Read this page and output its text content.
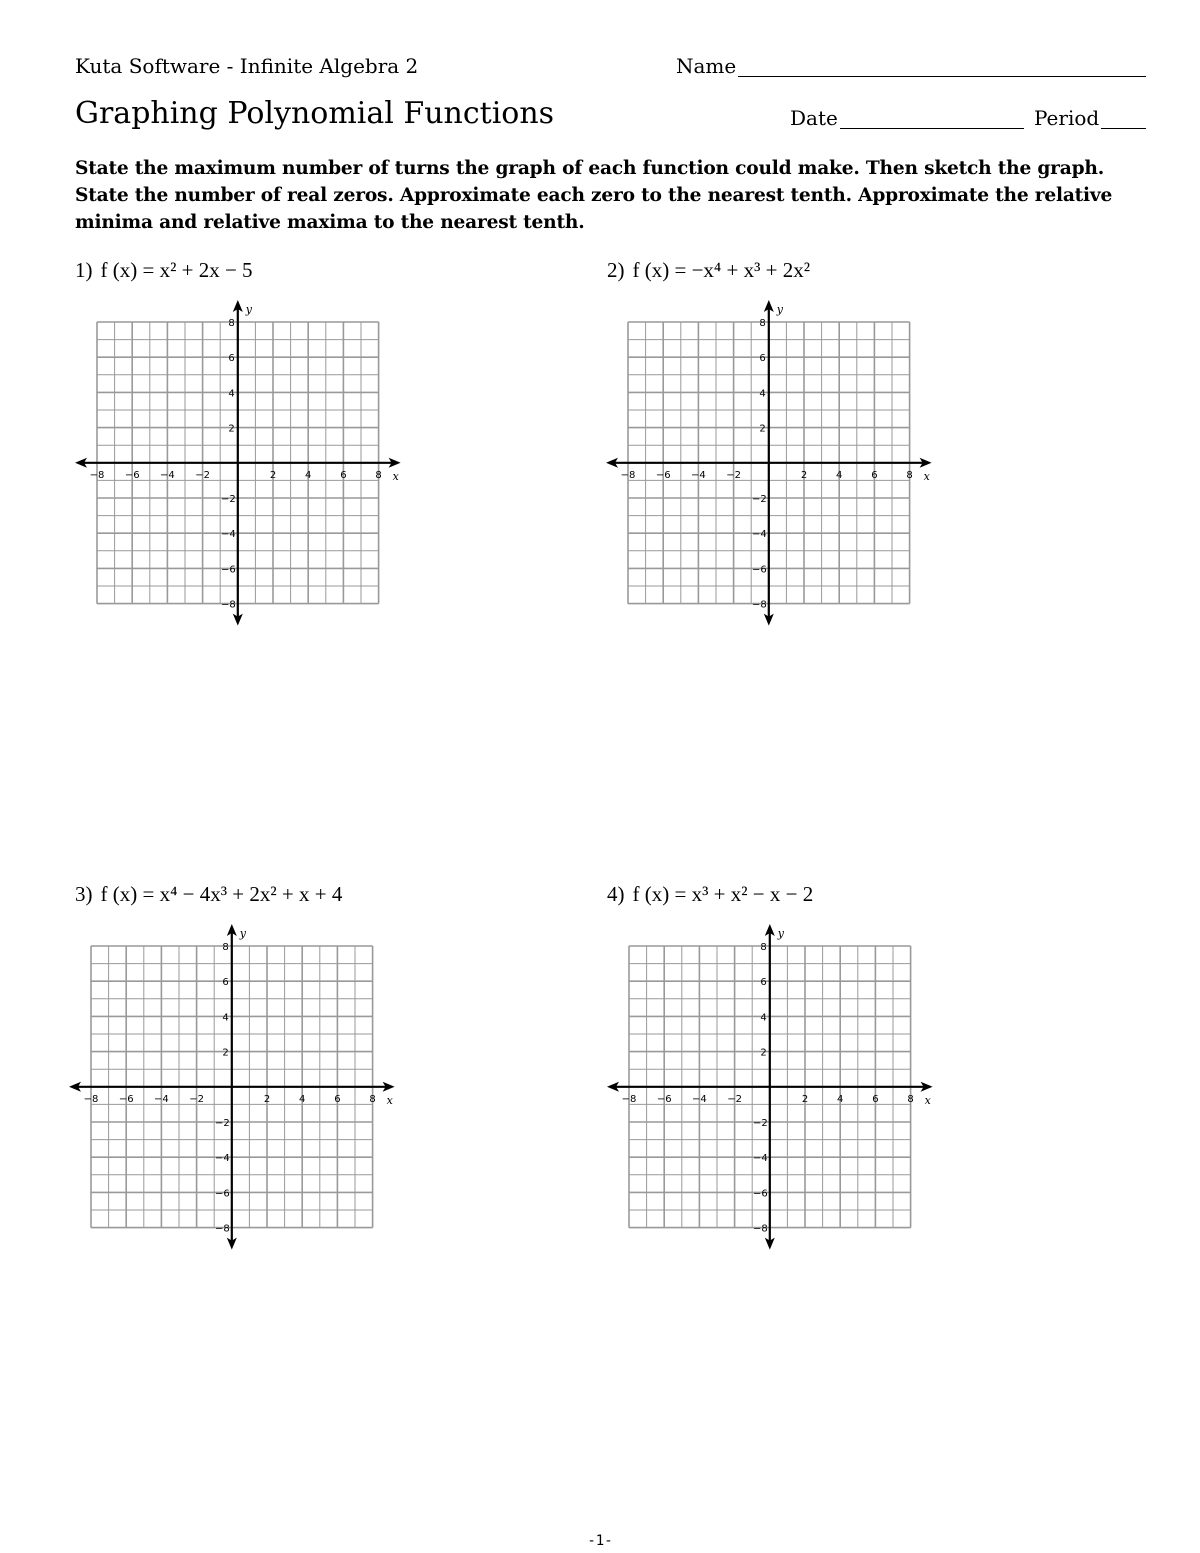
Kuta Software - Infinite Algebra 2	Name
Graphing Polynomial Functions	Date	Period
State the maximum number of turns the graph of each function could make. Then sketch the graph. State the number of real zeros. Approximate each zero to the nearest tenth. Approximate the relative minima and relative maxima to the nearest tenth.
1) f (x) = x² + 2x − 5	2) f (x) = −x⁴ + x³ + 2x²
3) f (x) = x⁴ − 4x³ + 2x² + x + 4	4) f (x) = x³ + x² − x − 2
−8 −6 −4 −2	2	4	6	8
8
6
4
2
−2
−4
−6
−8
x
y
−8 −6 −4 −2	2	4	6	8
8
6
4
2
−2
−4
−6
−8
x
y
−8 −6 −4 −2	2	4	6	8
8
6
4
2
−2
−4
−6
−8
x
y
−8 −6 −4 −2	2	4	6	8
8
6
4
2
−2
−4
−6
−8
x
y
-1-
